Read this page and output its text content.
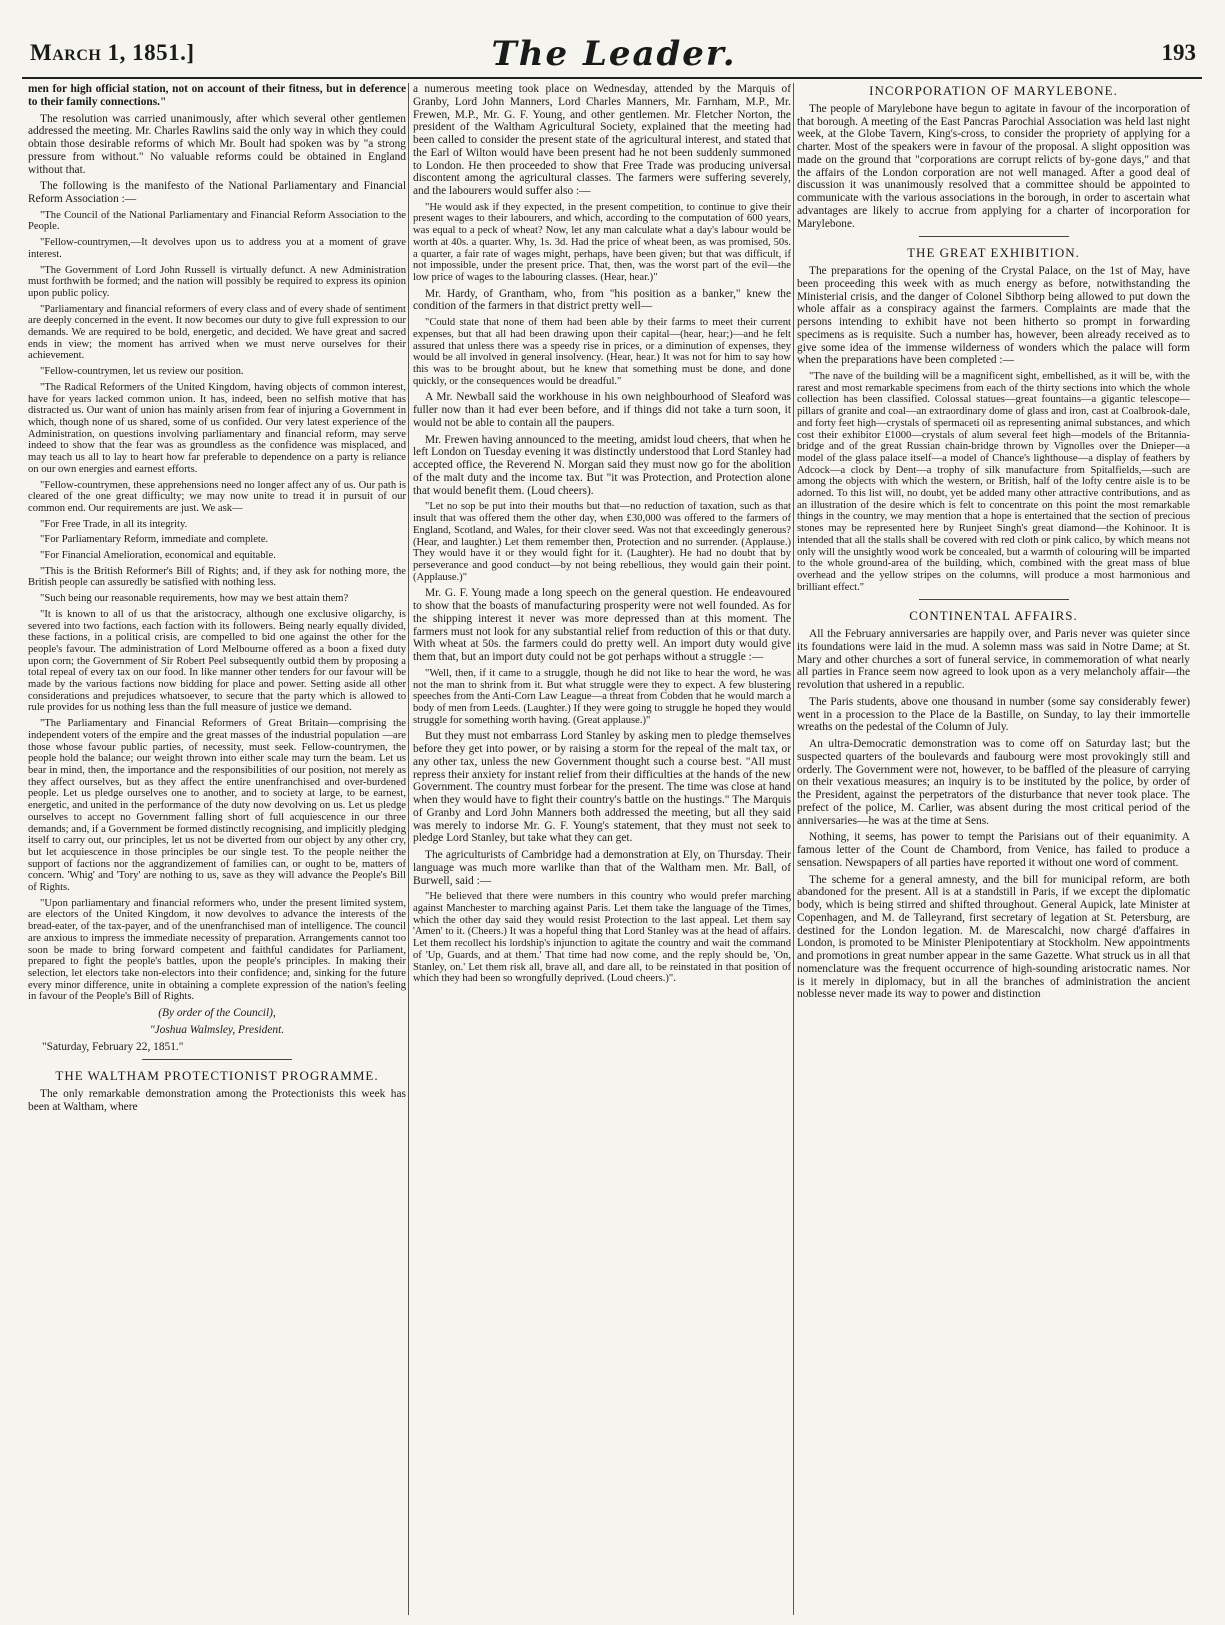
March 1, 1851.]	The Leader.	193

men for high official station, not on account of their fitness, but in deference to their family connections."

The resolution was carried unanimously, after which several other gentlemen addressed the meeting. Mr. Charles Rawlins said the only way in which they could obtain those desirable reforms of which Mr. Boult had spoken was by "a strong pressure from without." No valuable reforms could be obtained in England without that.

The following is the manifesto of the National Parliamentary and Financial Reform Association :—

"The Council of the National Parliamentary and Financial Reform Association to the People.

"Fellow-countrymen,—It devolves upon us to address you at a moment of grave interest.

"The Government of Lord John Russell is virtually defunct. A new Administration must forthwith be formed; and the nation will possibly be required to express its opinion upon public policy.

"Parliamentary and financial reformers of every class and of every shade of sentiment are deeply concerned in the event. It now becomes our duty to give full expression to our demands. We are required to be bold, energetic, and decided. We have great and sacred ends in view; the moment has arrived when we must nerve ourselves for their achievement.

"Fellow-countrymen, let us review our position.

"The Radical Reformers of the United Kingdom, having objects of common interest, have for years lacked common union. It has, indeed, been no selfish motive that has distracted us. Our want of union has mainly arisen from fear of injuring a Government in which, though none of us shared, some of us confided. Our very latest experience of the Administration, on questions involving parliamentary and financial reform, may serve indeed to show that the fear was as groundless as the confidence was misplaced, and may teach us all to lay to heart how far preferable to dependence on a party is reliance on our own energies and earnest efforts.

"Fellow-countrymen, these apprehensions need no longer affect any of us. Our path is cleared of the one great difficulty; we may now unite to tread it in pursuit of our common end. Our requirements are just. We ask—

"For Free Trade, in all its integrity.

"For Parliamentary Reform, immediate and complete.

"For Financial Amelioration, economical and equitable.

"This is the British Reformer's Bill of Rights; and, if they ask for nothing more, the British people can assuredly be satisfied with nothing less.

"Such being our reasonable requirements, how may we best attain them?

"It is known to all of us that the aristocracy, although one exclusive oligarchy, is severed into two factions, each faction with its followers. Being nearly equally divided, these factions, in a political crisis, are compelled to bid one against the other for the people's favour. The administration of Lord Melbourne offered as a boon a fixed duty upon corn; the Government of Sir Robert Peel subsequently outbid them by proposing a total repeal of every tax on our food. In like manner other tenders for our favour will be made by the various factions now bidding for place and power. Setting aside all other considerations and prejudices whatsoever, to secure that the party which is allowed to rule provides for us nothing less than the full measure of justice we demand.

"The Parliamentary and Financial Reformers of Great Britain—comprising the independent voters of the empire and the great masses of the industrial population —are those whose favour public parties, of necessity, must seek. Fellow-countrymen, the people hold the balance; our weight thrown into either scale may turn the beam. Let us bear in mind, then, the importance and the responsibilities of our position, not merely as they affect ourselves, but as they affect the entire unenfranchised and over-burdened people. Let us pledge ourselves one to another, and to society at large, to be earnest, energetic, and united in the performance of the duty now devolving on us. Let us pledge ourselves to accept no Government falling short of full acquiescence in our three demands; and, if a Government be formed distinctly recognising, and implicitly pledging itself to carry out, our principles, let us not be diverted from our object by any other cry, but let acquiescence in those principles be our single test. To the people neither the support of factions nor the aggrandizement of families can, or ought to be, matters of concern. 'Whig' and 'Tory' are nothing to us, save as they will advance the People's Bill of Rights.

"Upon parliamentary and financial reformers who, under the present limited system, are electors of the United Kingdom, it now devolves to advance the interests of the bread-eater, of the tax-payer, and of the unenfranchised man of intelligence. The council are anxious to impress the immediate necessity of preparation. Arrangements cannot too soon be made to bring forward competent and faithful candidates for Parliament, prepared to fight the people's battles, upon the people's principles. In making their selection, let electors take non-electors into their confidence; and, sinking for the future every minor difference, unite in obtaining a complete expression of the nation's feeling in favour of the People's Bill of Rights.

(By order of the Council),

"Joshua Walmsley, President.

"Saturday, February 22, 1851."

THE WALTHAM PROTECTIONIST PROGRAMME.

The only remarkable demonstration among the Protectionists this week has been at Waltham, where

a numerous meeting took place on Wednesday, attended by the Marquis of Granby, Lord John Manners, Lord Charles Manners, Mr. Farnham, M.P., Mr. Frewen, M.P., Mr. G. F. Young, and other gentlemen. Mr. Fletcher Norton, the president of the Waltham Agricultural Society, explained that the meeting had been called to consider the present state of the agricultural interest, and stated that the Earl of Wilton would have been present had he not been suddenly summoned to London. He then proceeded to show that Free Trade was producing universal discontent among the agricultural classes. The farmers were suffering severely, and the labourers would suffer also :—

"He would ask if they expected, in the present competition, to continue to give their present wages to their labourers, and which, according to the computation of 600 years, was equal to a peck of wheat? Now, let any man calculate what a day's labour would be worth at 40s. a quarter. Why, 1s. 3d. Had the price of wheat been, as was promised, 50s. a quarter, a fair rate of wages might, perhaps, have been given; but that was difficult, if not impossible, under the present price. That, then, was the worst part of the evil—the low price of wages to the labouring classes. (Hear, hear.)"

Mr. Hardy, of Grantham, who, from "his position as a banker," knew the condition of the farmers in that district pretty well—

"Could state that none of them had been able by their farms to meet their current expenses, but that all had been drawing upon their capital—(hear, hear;)—and he felt assured that unless there was a speedy rise in prices, or a diminution of expenses, they would be all involved in general insolvency. (Hear, hear.) It was not for him to say how this was to be brought about, but he knew that something must be done, and done quickly, or the consequences would be dreadful."

A Mr. Newball said the workhouse in his own neighbourhood of Sleaford was fuller now than it had ever been before, and if things did not take a turn soon, it would not be able to contain all the paupers.

Mr. Frewen having announced to the meeting, amidst loud cheers, that when he left London on Tuesday evening it was distinctly understood that Lord Stanley had accepted office, the Reverend N. Morgan said they must now go for the abolition of the malt duty and the income tax. But "it was Protection, and Protection alone that would benefit them. (Loud cheers).

"Let no sop be put into their mouths but that—no reduction of taxation, such as that insult that was offered them the other day, when £30,000 was offered to the farmers of England, Scotland, and Wales, for their clover seed. Was not that exceedingly generous? (Hear, and laughter.) Let them remember then, Protection and no surrender. (Applause.) They would have it or they would fight for it. (Laughter). He had no doubt that by perseverance and good conduct—by not being rebellious, they would gain their point. (Applause.)"

Mr. G. F. Young made a long speech on the general question. He endeavoured to show that the boasts of manufacturing prosperity were not well founded. As for the shipping interest it never was more depressed than at this moment. The farmers must not look for any substantial relief from reduction of this or that duty. With wheat at 50s. the farmers could do pretty well. An import duty would give them that, but an import duty could not be got perhaps without a struggle :—

"Well, then, if it came to a struggle, though he did not like to hear the word, he was not the man to shrink from it. But what struggle were they to expect. A few blustering speeches from the Anti-Corn Law League—a threat from Cobden that he would march a body of men from Leeds. (Laughter.) If they were going to struggle he hoped they would struggle for something worth having. (Great applause.)"

But they must not embarrass Lord Stanley by asking men to pledge themselves before they get into power, or by raising a storm for the repeal of the malt tax, or any other tax, unless the new Government thought such a course best. "All must repress their anxiety for instant relief from their difficulties at the hands of the new Government. The country must forbear for the present. The time was close at hand when they would have to fight their country's battle on the hustings." The Marquis of Granby and Lord John Manners both addressed the meeting, but all they said was merely to indorse Mr. G. F. Young's statement, that they must not seek to pledge Lord Stanley, but take what they can get.

The agriculturists of Cambridge had a demonstration at Ely, on Thursday. Their language was much more warlike than that of the Waltham men. Mr. Ball, of Burwell, said :—

"He believed that there were numbers in this country who would prefer marching against Manchester to marching against Paris. Let them take the language of the Times, which the other day said they would resist Protection to the last appeal. Let them say 'Amen' to it. (Cheers.) It was a hopeful thing that Lord Stanley was at the head of affairs. Let them recollect his lordship's injunction to agitate the country and wait the command of 'Up, Guards, and at them.' That time had now come, and the reply should be, 'On, Stanley, on.' Let them risk all, brave all, and dare all, to be reinstated in that position of which they had been so wrongfully deprived. (Loud cheers.)".

INCORPORATION OF MARYLEBONE.

The people of Marylebone have begun to agitate in favour of the incorporation of that borough. A meeting of the East Pancras Parochial Association was held last night week, at the Globe Tavern, King's-cross, to consider the propriety of applying for a charter. Most of the speakers were in favour of the proposal. A slight opposition was made on the ground that "corporations are corrupt relicts of by-gone days," and that the affairs of the London corporation are not well managed. After a good deal of discussion it was unanimously resolved that a committee should be appointed to communicate with the various associations in the borough, in order to ascertain what advantages are likely to accrue from applying for a charter of incorporation for Marylebone.

THE GREAT EXHIBITION.

The preparations for the opening of the Crystal Palace, on the 1st of May, have been proceeding this week with as much energy as before, notwithstanding the Ministerial crisis, and the danger of Colonel Sibthorp being allowed to put down the whole affair as a conspiracy against the farmers. Complaints are made that the persons intending to exhibit have not been hitherto so prompt in forwarding specimens as is requisite. Such a number has, however, been already received as to give some idea of the immense wilderness of wonders which the palace will form when the preparations have been completed :—

"The nave of the building will be a magnificent sight, embellished, as it will be, with the rarest and most remarkable specimens from each of the thirty sections into which the whole collection has been classified. Colossal statues—great fountains—a gigantic telescope—pillars of granite and coal—an extraordinary dome of glass and iron, cast at Coalbrook-dale, and forty feet high—crystals of spermaceti oil as representing animal substances, and which cost their exhibitor £1000—crystals of alum several feet high—models of the Britannia-bridge and of the great Russian chain-bridge thrown by Vignolles over the Dnieper—a model of the glass palace itself—a model of Chance's lighthouse—a display of feathers by Adcock—a clock by Dent—a trophy of silk manufacture from Spitalfields,—such are among the objects with which the western, or British, half of the lofty centre aisle is to be adorned. To this list will, no doubt, yet be added many other attractive contributions, and as an illustration of the desire which is felt to concentrate on this point the most remarkable things in the country, we may mention that a hope is entertained that the section of precious stones may be represented here by Runjeet Singh's great diamond—the Kohinoor. It is intended that all the stalls shall be covered with red cloth or pink calico, by which means not only will the unsightly wood work be concealed, but a warmth of colouring will be imparted to the whole ground-area of the building, which, combined with the great mass of blue overhead and the yellow stripes on the columns, will produce a most harmonious and brilliant effect."

CONTINENTAL AFFAIRS.

All the February anniversaries are happily over, and Paris never was quieter since its foundations were laid in the mud. A solemn mass was said in Notre Dame; at St. Mary and other churches a sort of funeral service, in commemoration of what nearly all parties in France seem now agreed to look upon as a very melancholy affair—the revolution that ushered in a republic.

The Paris students, above one thousand in number (some say considerably fewer) went in a procession to the Place de la Bastille, on Sunday, to lay their immortelle wreaths on the pedestal of the Column of July.

An ultra-Democratic demonstration was to come off on Saturday last; but the suspected quarters of the boulevards and faubourg were most provokingly still and orderly. The Government were not, however, to be baffled of the pleasure of carrying on their vexatious measures; an inquiry is to be instituted by the police, by order of the President, against the perpetrators of the disturbance that never took place. The prefect of the police, M. Carlier, was absent during the most critical period of the anniversaries—he was at the time at Sens.

Nothing, it seems, has power to tempt the Parisians out of their equanimity. A famous letter of the Count de Chambord, from Venice, has failed to produce a sensation. Newspapers of all parties have reported it without one word of comment.

The scheme for a general amnesty, and the bill for municipal reform, are both abandoned for the present. All is at a standstill in Paris, if we except the diplomatic body, which is being stirred and shifted throughout. General Aupick, late Minister at Copenhagen, and M. de Talleyrand, first secretary of legation at St. Petersburg, are destined for the London legation. M. de Marescalchi, now chargé d'affaires in London, is promoted to be Minister Plenipotentiary at Stockholm. New appointments and promotions in great number appear in the same Gazette. What struck us in all that nomenclature was the frequent occurrence of high-sounding aristocratic names. Nor is it merely in diplomacy, but in all the branches of administration the ancient noblesse never made its way to power and distinction
